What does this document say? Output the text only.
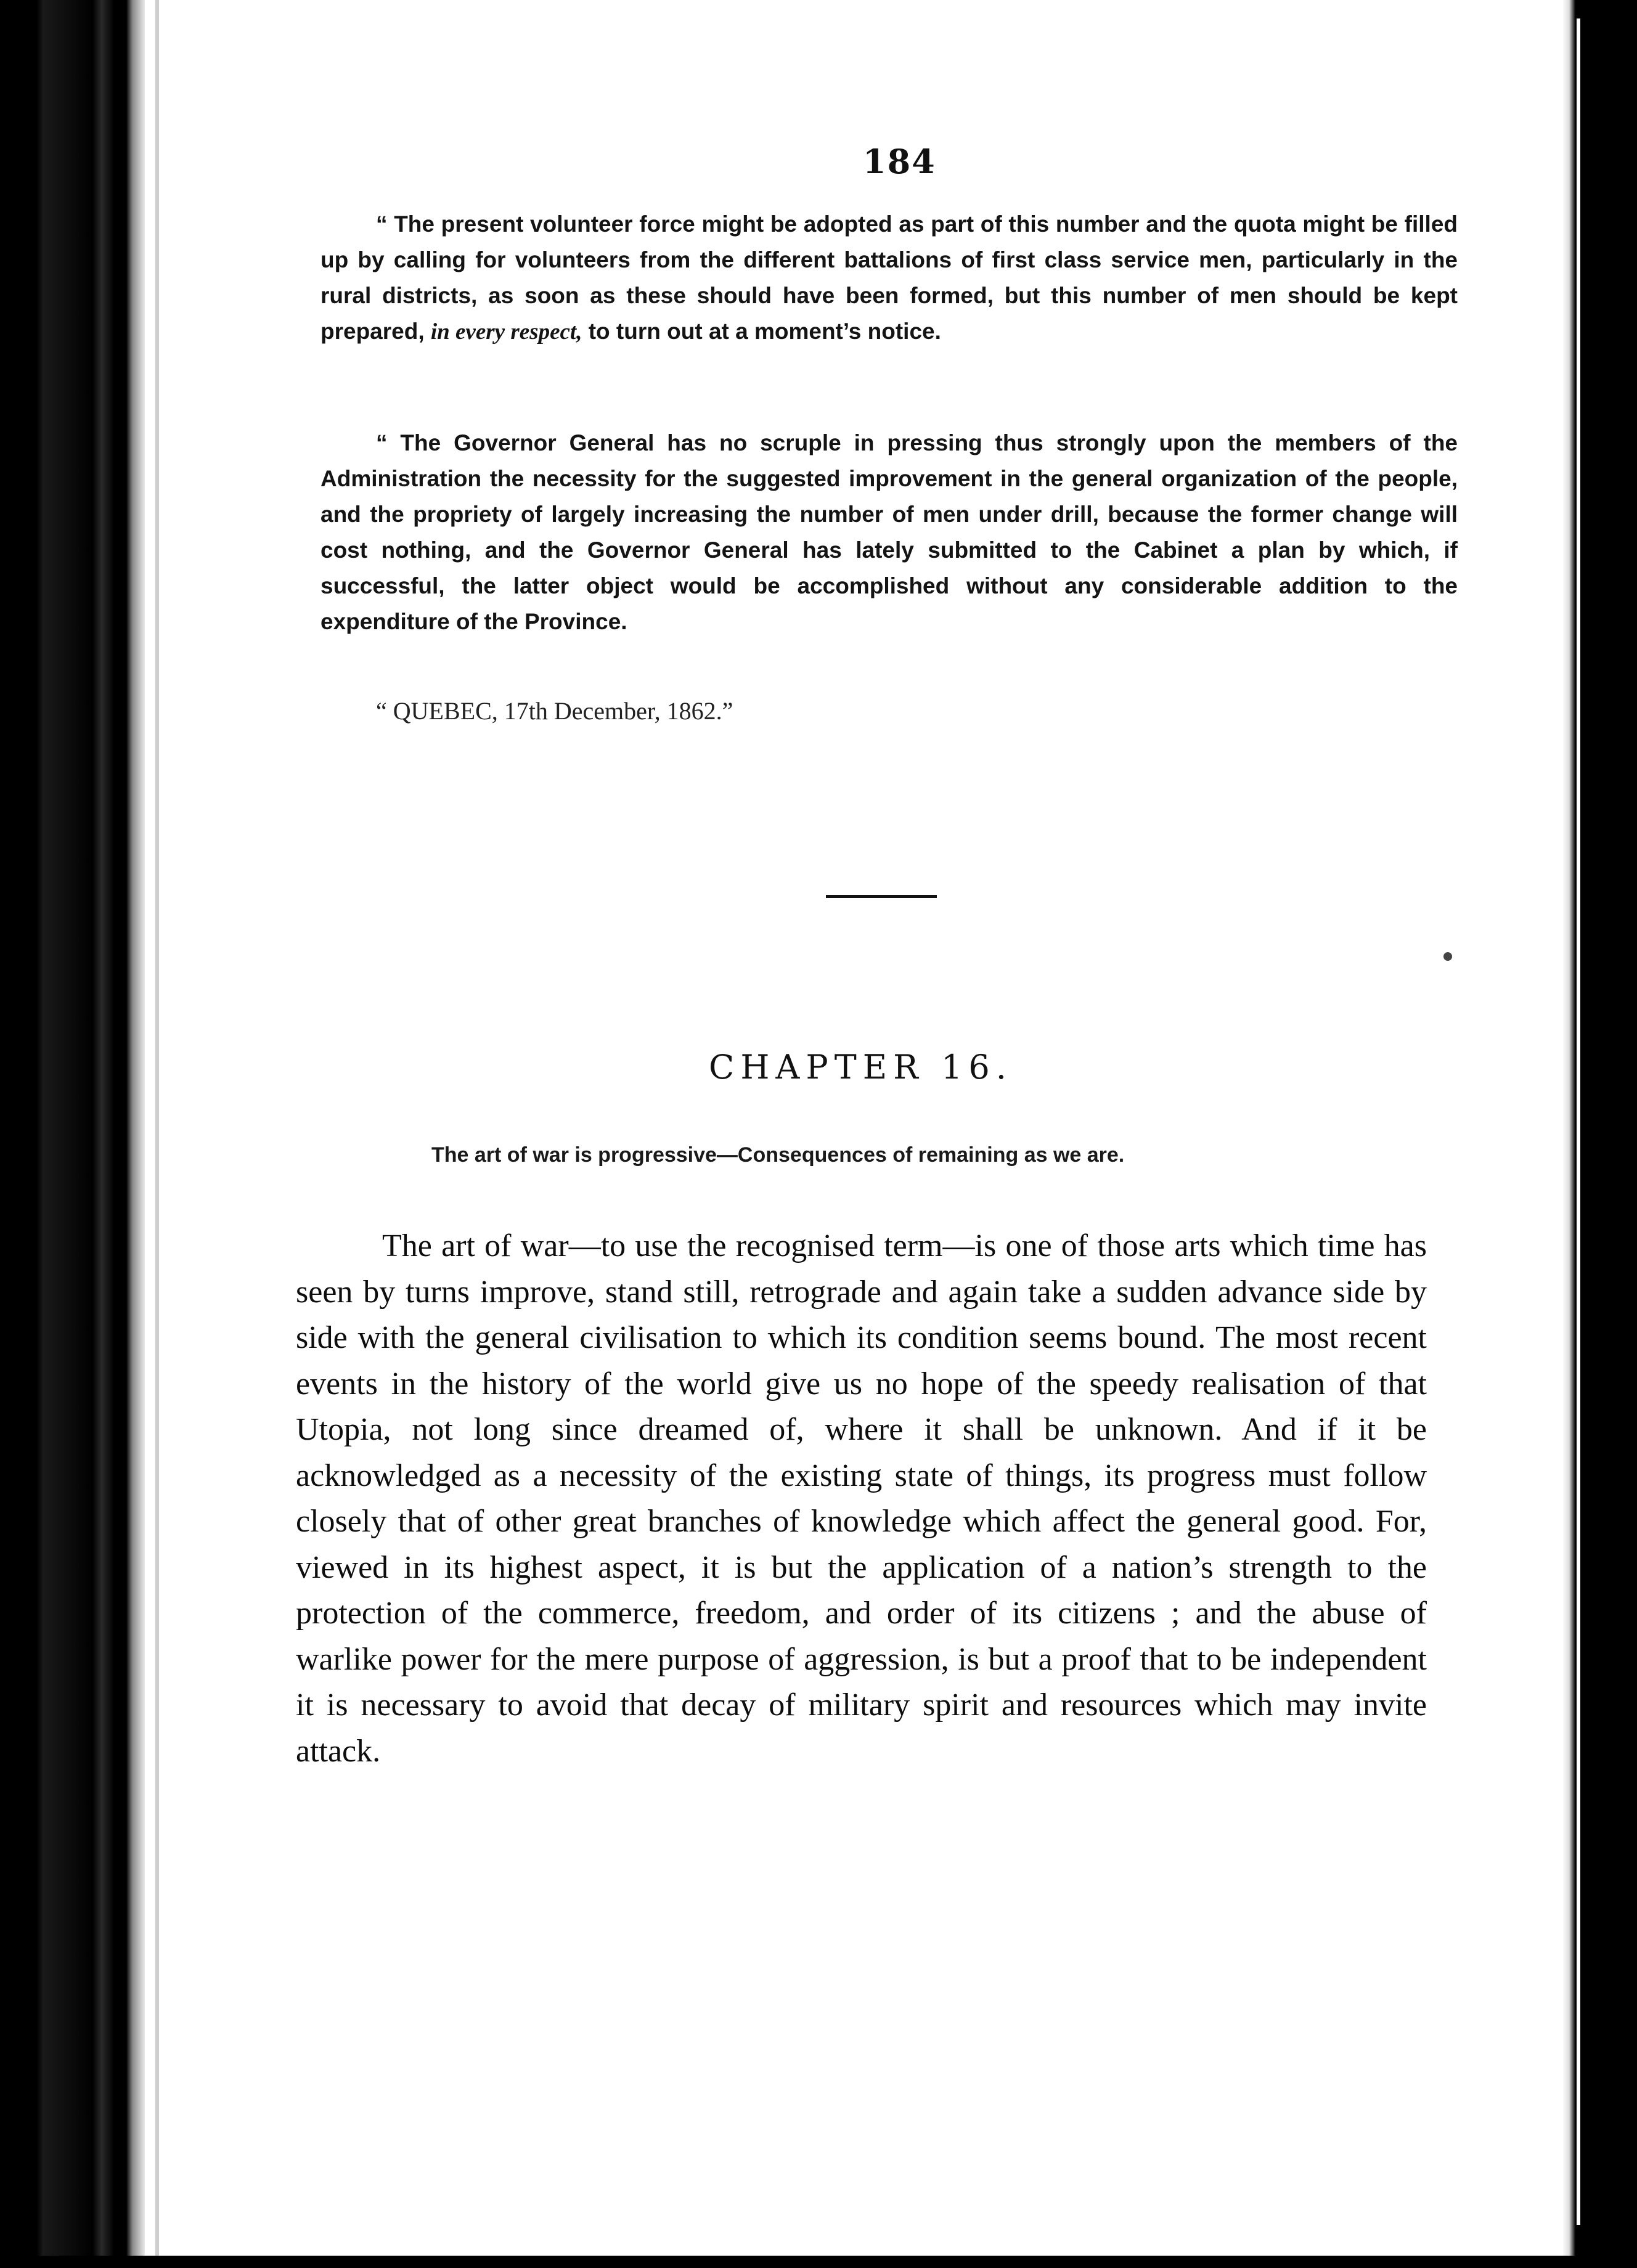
184
“ The present volunteer force might be adopted as part of this number and the quota might be filled up by calling for volunteers from the different battalions of first class service men, particularly in the rural districts, as soon as these should have been formed, but this number of men should be kept prepared, in every respect, to turn out at a moment’s notice.
“ The Governor General has no scruple in pressing thus strongly upon the members of the Administration the necessity for the suggested improvement in the general organization of the people, and the propriety of largely increasing the number of men under drill, because the former change will cost nothing, and the Governor General has lately submitted to the Cabinet a plan by which, if successful, the latter object would be accomplished without any considerable addition to the expenditure of the Province.
“ QUEBEC, 17th December, 1862.”
CHAPTER 16.
The art of war is progressive—Consequences of remaining as we are.
The art of war—to use the recognised term—is one of those arts which time has seen by turns improve, stand still, retrograde and again take a sudden advance side by side with the general civilisation to which its condition seems bound. The most recent events in the history of the world give us no hope of the speedy realisation of that Utopia, not long since dreamed of, where it shall be unknown. And if it be acknowledged as a necessity of the existing state of things, its progress must follow closely that of other great branches of knowledge which affect the general good. For, viewed in its highest aspect, it is but the application of a nation’s strength to the protection of the commerce, freedom, and order of its citizens ; and the abuse of warlike power for the mere purpose of aggression, is but a proof that to be independent it is necessary to avoid that decay of military spirit and resources which may invite attack.
